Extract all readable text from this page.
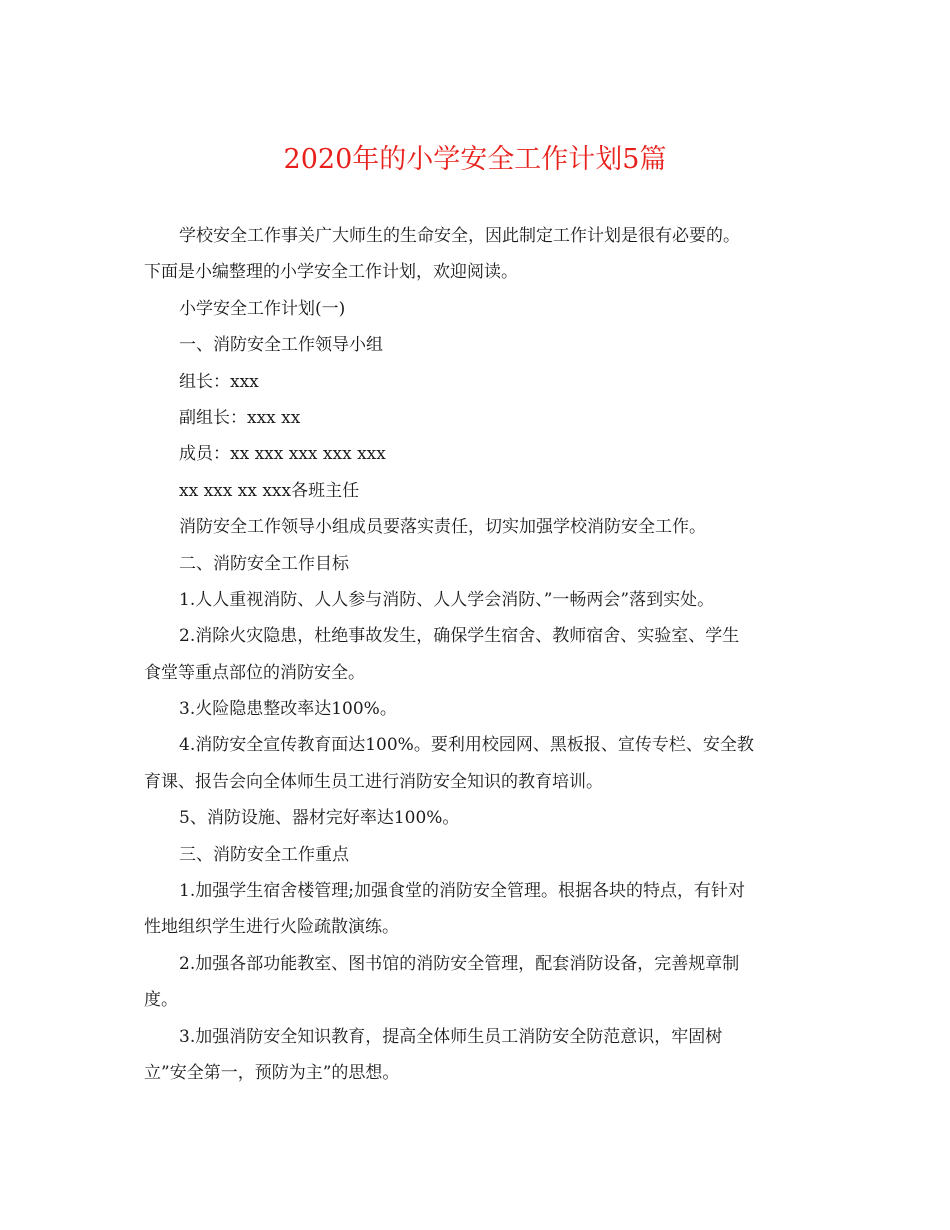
2020年的小学安全工作计划5篇
学校安全工作事关广大师生的生命安全，因此制定工作计划是很有必要的。
下面是小编整理的小学安全工作计划，欢迎阅读。
小学安全工作计划(一)
一、消防安全工作领导小组
组长：xxx
副组长：xxx xx
成员：xx xxx xxx xxx xxx
xx xxx xx xxx各班主任
消防安全工作领导小组成员要落实责任，切实加强学校消防安全工作。
二、消防安全工作目标
1.人人重视消防、人人参与消防、人人学会消防、”一畅两会”落到实处。
2.消除火灾隐患，杜绝事故发生，确保学生宿舍、教师宿舍、实验室、学生
食堂等重点部位的消防安全。
3.火险隐患整改率达100%。
4.消防安全宣传教育面达100%。要利用校园网、黑板报、宣传专栏、安全教
育课、报告会向全体师生员工进行消防安全知识的教育培训。
5、消防设施、器材完好率达100%。
三、消防安全工作重点
1.加强学生宿舍楼管理;加强食堂的消防安全管理。根据各块的特点，有针对
性地组织学生进行火险疏散演练。
2.加强各部功能教室、图书馆的消防安全管理，配套消防设备，完善规章制
度。
3.加强消防安全知识教育，提高全体师生员工消防安全防范意识，牢固树
立”安全第一，预防为主”的思想。
